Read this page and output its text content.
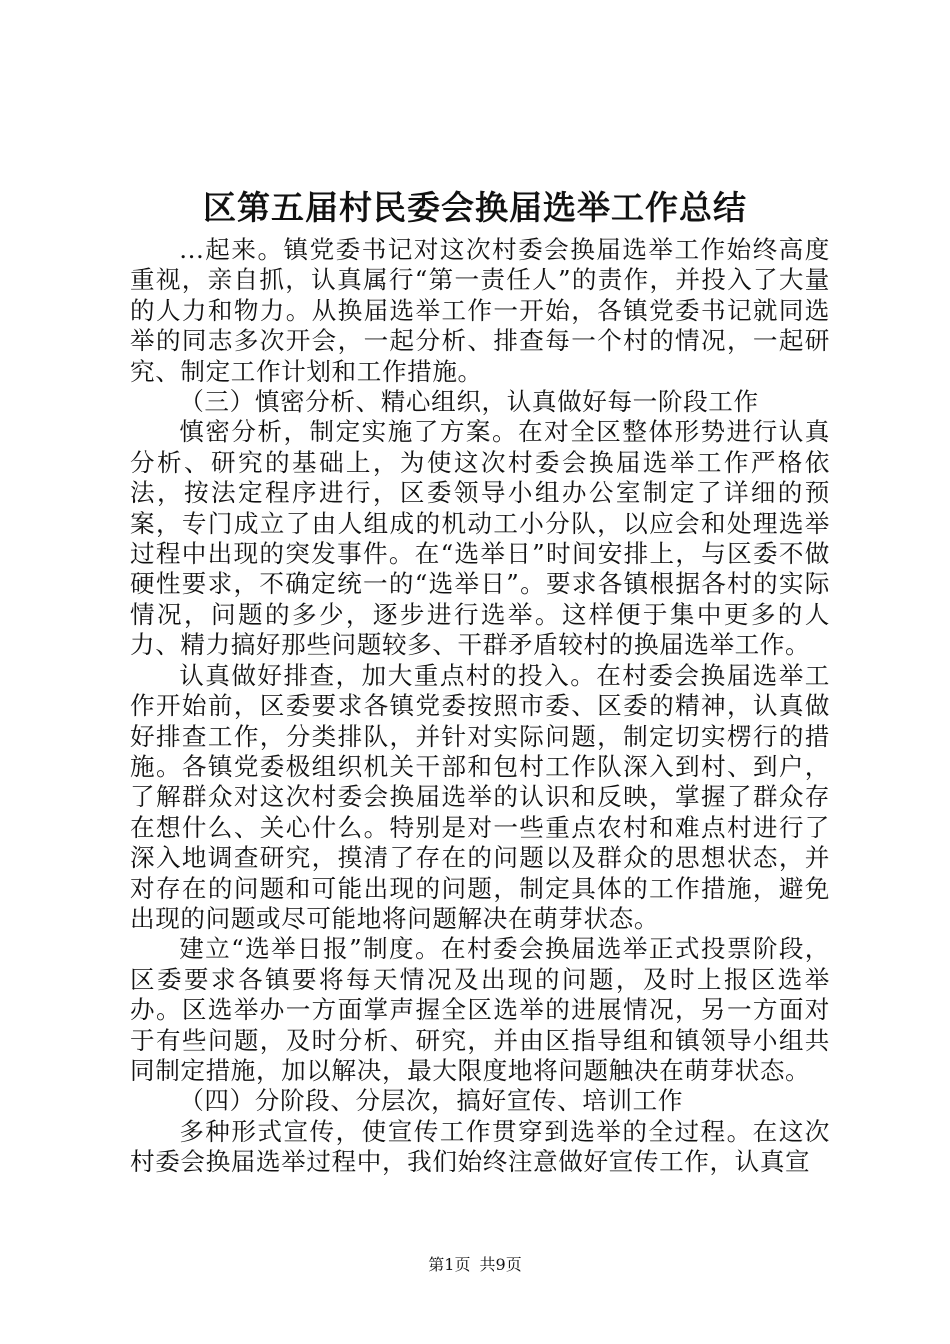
区第五届村民委会换届选举工作总结

...起来。镇党委书记对这次村委会换届选举工作始终高度重视，亲自抓，认真属行“第一责任人”的责作，并投入了大量的人力和物力。从换届选举工作一开始，各镇党委书记就同选举的同志多次开会，一起分析、排查每一个村的情况，一起研究、制定工作计划和工作措施。

（三）慎密分析、精心组织，认真做好每一阶段工作

慎密分析，制定实施了方案。在对全区整体形势进行认真分析、研究的基础上，为使这次村委会换届选举工作严格依法，按法定程序进行，区委领导小组办公室制定了详细的预案，专门成立了由人组成的机动工小分队，以应会和处理选举过程中出现的突发事件。在“选举日”时间安排上，与区委不做硬性要求，不确定统一的“选举日”。要求各镇根据各村的实际情况，问题的多少，逐步进行选举。这样便于集中更多的人力、精力搞好那些问题较多、干群矛盾较村的换届选举工作。

认真做好排查，加大重点村的投入。在村委会换届选举工作开始前，区委要求各镇党委按照市委、区委的精神，认真做好排查工作，分类排队，并针对实际问题，制定切实楞行的措施。各镇党委极组织机关干部和包村工作队深入到村、到户，了解群众对这次村委会换届选举的认识和反映，掌握了群众存在想什么、关心什么。特别是对一些重点农村和难点村进行了深入地调查研究，摸清了存在的问题以及群众的思想状态，并对存在的问题和可能出现的问题，制定具体的工作措施，避免出现的问题或尽可能地将问题解决在萌芽状态。

建立“选举日报”制度。在村委会换届选举正式投票阶段，区委要求各镇要将每天情况及出现的问题，及时上报区选举办。区选举办一方面掌声握全区选举的进展情况，另一方面对于有些问题，及时分析、研究，并由区指导组和镇领导小组共同制定措施，加以解决，最大限度地将问题触决在萌芽状态。

（四）分阶段、分层次，搞好宣传、培训工作

多种形式宣传，使宣传工作贯穿到选举的全过程。在这次村委会换届选举过程中，我们始终注意做好宣传工作，认真宣

第1页 共9页
